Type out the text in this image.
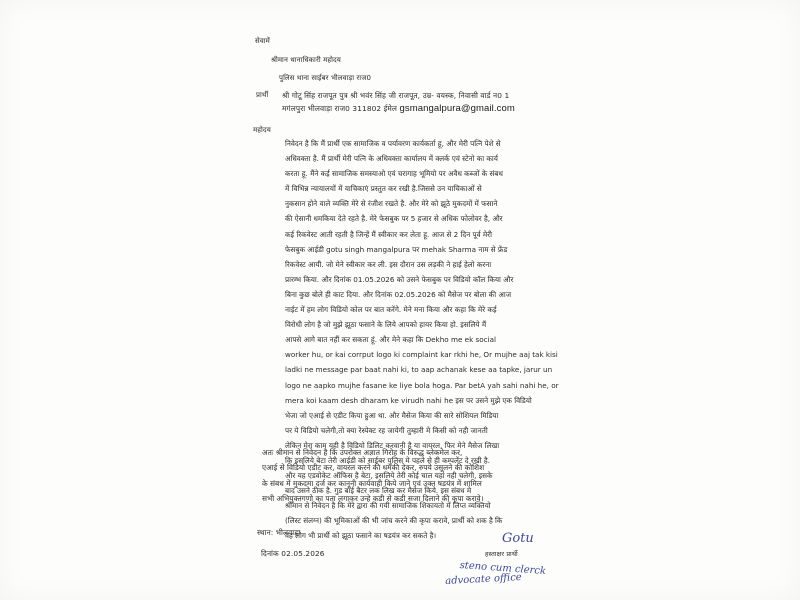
सेवामें
श्रीमान थानाधिकारी महोदय
पुलिस थाना साईबर भीलवाड़ा राज0
प्रार्थी श्री गोटू सिंह राजपूत पुत्र श्री भवंर सिंह जी राजपूत, उम्र- वयस्क, निवासी वार्ड न0 1
मगंलपुरा भीलवाड़ा राज0 311802 ईमेल gsmangalpura@gmail.com
महोदय
निवेदन है कि मैं प्रार्थी एक सामाजिक व पर्यावरण कार्यकर्ता हू, और मेरी पत्नि पेशे से
अधिवक्ता है. मैं प्रार्थी मेरी पत्नि के अधिवक्ता कार्यालय में क्लर्क एवं स्टेनो का कार्य
करता हू. मैंने कई सामाजिक समस्याओ एवं चरागाह भूमियो पर अवैध कब्जों के संबध
में विभिन्न न्यायालयों में याचिकाएं प्रस्तुत कर रखी है.जिससे उन याचिकाओं से
नुकसान होने वाले व्यक्ति मेरे से रंजीश रखते है. और मेरे को झूठे मुकदमों में फसाने
की ऐसानी धमकिया देते रहते है. मेरे फेसबुक पर 5 हजार से अधिक फोलोवर है, और
कई रिकवेस्ट आती रहती है जिन्हें मैं स्वीकार कर लेता हू. आज से 2 दिन पूर्व मेरी
फेसबुक आईडी gotu singh mangalpura पर mehak Sharma नाम से फ्रेंड
रिकवेस्ट आयी. जो मेने स्वीकार कर ली. इस दौरान उस लड़की ने हाई हेलो करना
प्रारम्भ किया. और दिनांक 01.05.2026 को उसने फेसबुक पर विडियो कॉल किया और
बिना कुछ बोले ही काट दिया. और दिनांक 02.05.2026 को मैसेज पर बोला की आज
नाईट में हम लोग विडियो कोल पर बात करेंगे. मेने मना किया और कहा कि मेरे कई
विरोधी लोग है जो मुझे झूठा फसाने के लिये आपको हायर किया हो. इसलिये मैं
आपसे आगे बात नहीं कर सकता हूं. और मेने कहा कि Dekho me ek social
worker hu, or kai corrput logo ki complaint kar rkhi he, Or mujhe aaj tak kisi
ladki ne message par baat nahi ki, to aap achanak kese aa tapke, jarur un
logo ne aapko mujhe fasane ke liye bola hoga. Par betA yah sahi nahi he, or
mera koi kaam desh dharam ke virudh nahi he इस पर उसने मुझे एक विडियो
भेजा जो एआई से एडीट किया हुआ था. और मैसेज किया की सारे सोशियल मिडिया
पर ये विडियो चलेगी,तो क्या रेस्पेक्ट रह जायेगी तुम्हारी मे किसी को नही जानती
लेकिन मेरा काम यही है विडियो डिलिट करवानी है या वायरल, फिर मेने मैसेज लिखा
कि इसलिये बेटा तेरी आईडी को साईबर पुलिस मे पहले से ही कम्पलेंट दे रखी है.
और यह एडवोकेट ऑफिस है बेटा, इसलिये तेरी कोई चाल यहां नही चलेगी, इसके
बाद उसने ठीक है. गुड बाई बैटर लक लिख कर मैसेज किये. इस संबध मे
श्रीमान से निवेदन है कि मेरे द्वारा की गयी सामाजिक शिकायतो में लिप्त व्यक्तियो
(लिस्ट संलग्न) की भूमिकाओं की भी जांच करने की कृपा करावे, प्रार्थी को शक है कि
वह लोग भी प्रार्थी को झूठा फसाने का षडयंत्र कर सकते है।
अतः श्रीमान से निवेदन है कि उपरोक्त अज्ञात गिरोह के विरुद्ध ब्लेकमेल कर,
एआई से विडियो एडीट कर, वायरल करने की धमकी देकर, रुपये उसूलने की कोशिश
के संबध में मुकदमा दर्ज कर कानूनी कार्यवाही किये जाने एवं उक्त षडयंत्र में शामिल
सभी अभियुक्तगणो का पता लगाकर उन्हे कडी से कडी सजा दिलाने की कृपा करावे।
स्थान: भीलवाड़ा
दिनांक 02.05.2026
Gotu
हस्ताक्षर प्रार्थी
steno cum clerck
advocate office
